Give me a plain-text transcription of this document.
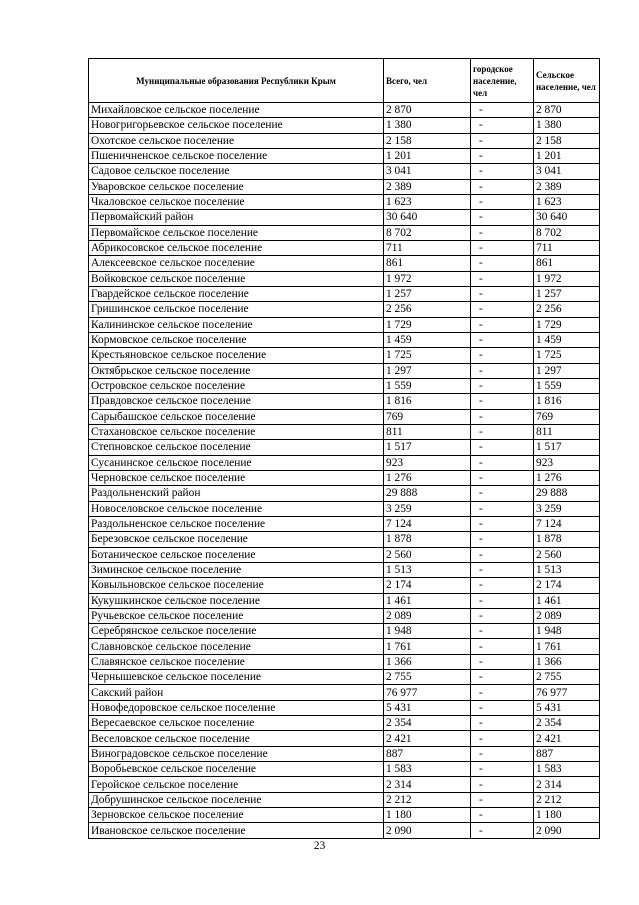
Муниципальные образования Республики Крым	Всего, чел	городское население, чел	Сельское население, чел
Михайловское сельское поселение	2 870	-	2 870
Новогригорьевское сельское поселение	1 380	-	1 380
Охотское сельское поселение	2 158	-	2 158
Пшеничненское сельское поселение	1 201	-	1 201
Садовое сельское поселение	3 041	-	3 041
Уваровское сельское поселение	2 389	-	2 389
Чкаловское сельское поселение	1 623	-	1 623
Первомайский район	30 640	-	30 640
Первомайское сельское поселение	8 702	-	8 702
Абрикосовское сельское поселение	711	-	711
Алексеевское сельское поселение	861	-	861
Войковское сельское поселение	1 972	-	1 972
Гвардейское сельское поселение	1 257	-	1 257
Гришинское сельское поселение	2 256	-	2 256
Калининское сельское поселение	1 729	-	1 729
Кормовское сельское поселение	1 459	-	1 459
Крестьяновское сельское поселение	1 725	-	1 725
Октябрьское сельское поселение	1 297	-	1 297
Островское сельское поселение	1 559	-	1 559
Правдовское сельское поселение	1 816	-	1 816
Сарыбашское сельское поселение	769	-	769
Стахановское сельское поселение	811	-	811
Степновское сельское поселение	1 517	-	1 517
Сусанинское сельское поселение	923	-	923
Черновское сельское поселение	1 276	-	1 276
Раздольненский район	29 888	-	29 888
Новоселовское сельское поселение	3 259	-	3 259
Раздольненское сельское поселение	7 124	-	7 124
Березовское сельское поселение	1 878	-	1 878
Ботаническое сельское поселение	2 560	-	2 560
Зиминское сельское поселение	1 513	-	1 513
Ковыльновское сельское поселение	2 174	-	2 174
Кукушкинское сельское поселение	1 461	-	1 461
Ручьевское сельское поселение	2 089	-	2 089
Серебрянское сельское поселение	1 948	-	1 948
Славновское сельское поселение	1 761	-	1 761
Славянское сельское поселение	1 366	-	1 366
Чернышевское сельское поселение	2 755	-	2 755
Сакский район	76 977	-	76 977
Новофедоровское сельское поселение	5 431	-	5 431
Вересаевское сельское поселение	2 354	-	2 354
Веселовское сельское поселение	2 421	-	2 421
Виноградовское сельское поселение	887	-	887
Воробьевское сельское поселение	1 583	-	1 583
Геройское сельское поселение	2 314	-	2 314
Добрушинское сельское поселение	2 212	-	2 212
Зерновское сельское поселение	1 180	-	1 180
Ивановское сельское поселение	2 090	-	2 090
23
